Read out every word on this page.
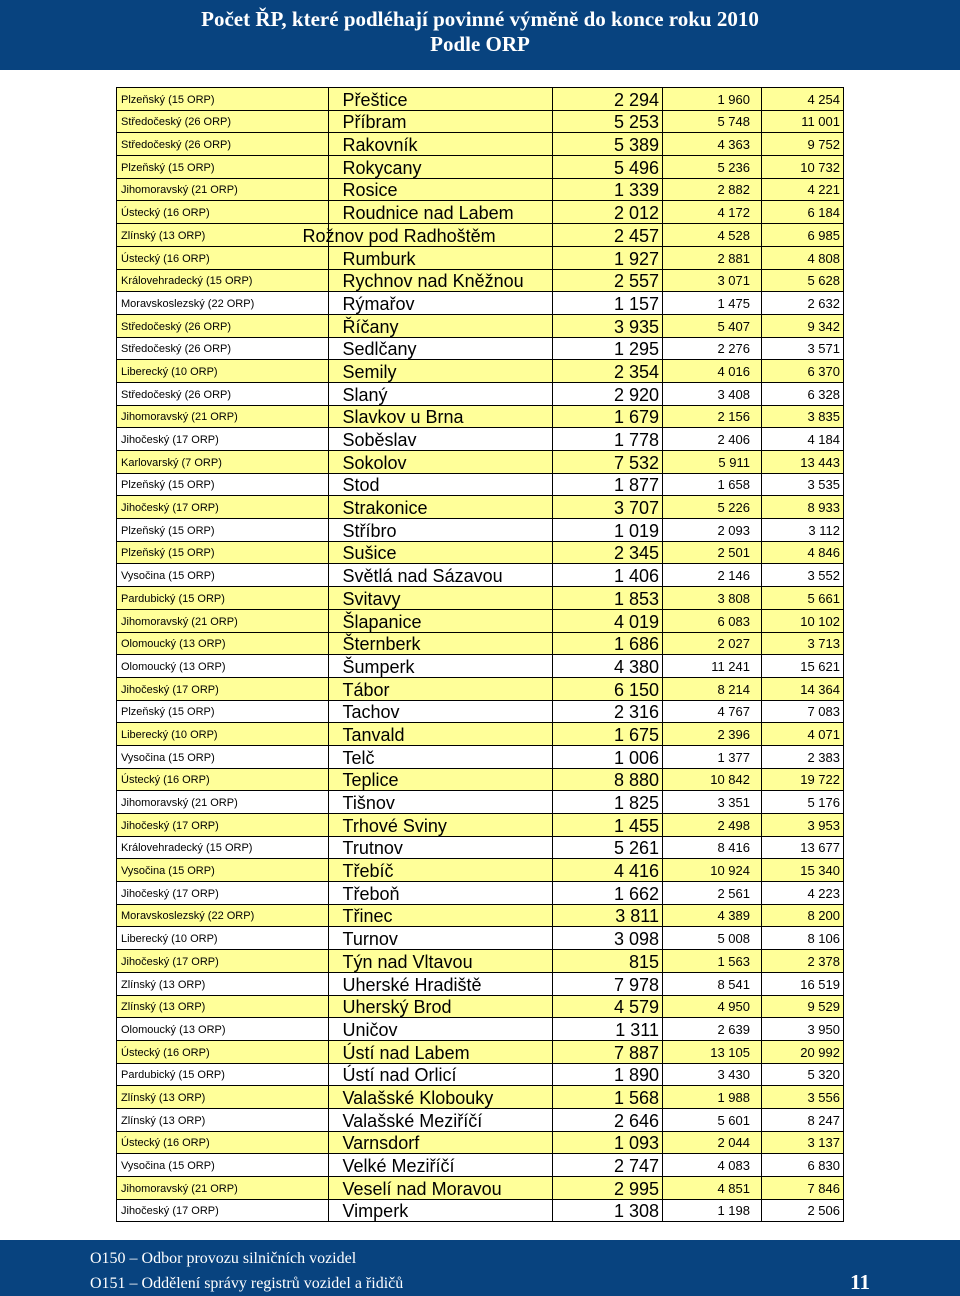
Počet ŘP, které podléhají povinné výměně do konce roku 2010
Podle ORP
Plzeňský (15 ORP)	Přeštice	2 294	1 960	4 254
Středočeský (26 ORP)	Příbram	5 253	5 748	11 001
Středočeský (26 ORP)	Rakovník	5 389	4 363	9 752
Plzeňský (15 ORP)	Rokycany	5 496	5 236	10 732
Jihomoravský (21 ORP)	Rosice	1 339	2 882	4 221
Ústecký (16 ORP)	Roudnice nad Labem	2 012	4 172	6 184
Zlínský (13 ORP)	Rožnov pod Radhoštěm	2 457	4 528	6 985
Ústecký (16 ORP)	Rumburk	1 927	2 881	4 808
Královehradecký (15 ORP)	Rychnov nad Kněžnou	2 557	3 071	5 628
Moravskoslezský (22 ORP)	Rýmařov	1 157	1 475	2 632
Středočeský (26 ORP)	Říčany	3 935	5 407	9 342
Středočeský (26 ORP)	Sedlčany	1 295	2 276	3 571
Liberecký (10 ORP)	Semily	2 354	4 016	6 370
Středočeský (26 ORP)	Slaný	2 920	3 408	6 328
Jihomoravský (21 ORP)	Slavkov u Brna	1 679	2 156	3 835
Jihočeský (17 ORP)	Soběslav	1 778	2 406	4 184
Karlovarský (7 ORP)	Sokolov	7 532	5 911	13 443
Plzeňský (15 ORP)	Stod	1 877	1 658	3 535
Jihočeský (17 ORP)	Strakonice	3 707	5 226	8 933
Plzeňský (15 ORP)	Stříbro	1 019	2 093	3 112
Plzeňský (15 ORP)	Sušice	2 345	2 501	4 846
Vysočina (15 ORP)	Světlá nad Sázavou	1 406	2 146	3 552
Pardubický (15 ORP)	Svitavy	1 853	3 808	5 661
Jihomoravský (21 ORP)	Šlapanice	4 019	6 083	10 102
Olomoucký (13 ORP)	Šternberk	1 686	2 027	3 713
Olomoucký (13 ORP)	Šumperk	4 380	11 241	15 621
Jihočeský (17 ORP)	Tábor	6 150	8 214	14 364
Plzeňský (15 ORP)	Tachov	2 316	4 767	7 083
Liberecký (10 ORP)	Tanvald	1 675	2 396	4 071
Vysočina (15 ORP)	Telč	1 006	1 377	2 383
Ústecký (16 ORP)	Teplice	8 880	10 842	19 722
Jihomoravský (21 ORP)	Tišnov	1 825	3 351	5 176
Jihočeský (17 ORP)	Trhové Sviny	1 455	2 498	3 953
Královehradecký (15 ORP)	Trutnov	5 261	8 416	13 677
Vysočina (15 ORP)	Třebíč	4 416	10 924	15 340
Jihočeský (17 ORP)	Třeboň	1 662	2 561	4 223
Moravskoslezský (22 ORP)	Třinec	3 811	4 389	8 200
Liberecký (10 ORP)	Turnov	3 098	5 008	8 106
Jihočeský (17 ORP)	Týn nad Vltavou	815	1 563	2 378
Zlínský (13 ORP)	Uherské Hradiště	7 978	8 541	16 519
Zlínský (13 ORP)	Uherský Brod	4 579	4 950	9 529
Olomoucký (13 ORP)	Uničov	1 311	2 639	3 950
Ústecký (16 ORP)	Ústí nad Labem	7 887	13 105	20 992
Pardubický (15 ORP)	Ústí nad Orlicí	1 890	3 430	5 320
Zlínský (13 ORP)	Valašské Klobouky	1 568	1 988	3 556
Zlínský (13 ORP)	Valašské Meziříčí	2 646	5 601	8 247
Ústecký (16 ORP)	Varnsdorf	1 093	2 044	3 137
Vysočina (15 ORP)	Velké Meziříčí	2 747	4 083	6 830
Jihomoravský (21 ORP)	Veselí nad Moravou	2 995	4 851	7 846
Jihočeský (17 ORP)	Vimperk	1 308	1 198	2 506
O150 – Odbor provozu silničních vozidel
O151 – Oddělení správy registrů vozidel a řidičů	11
